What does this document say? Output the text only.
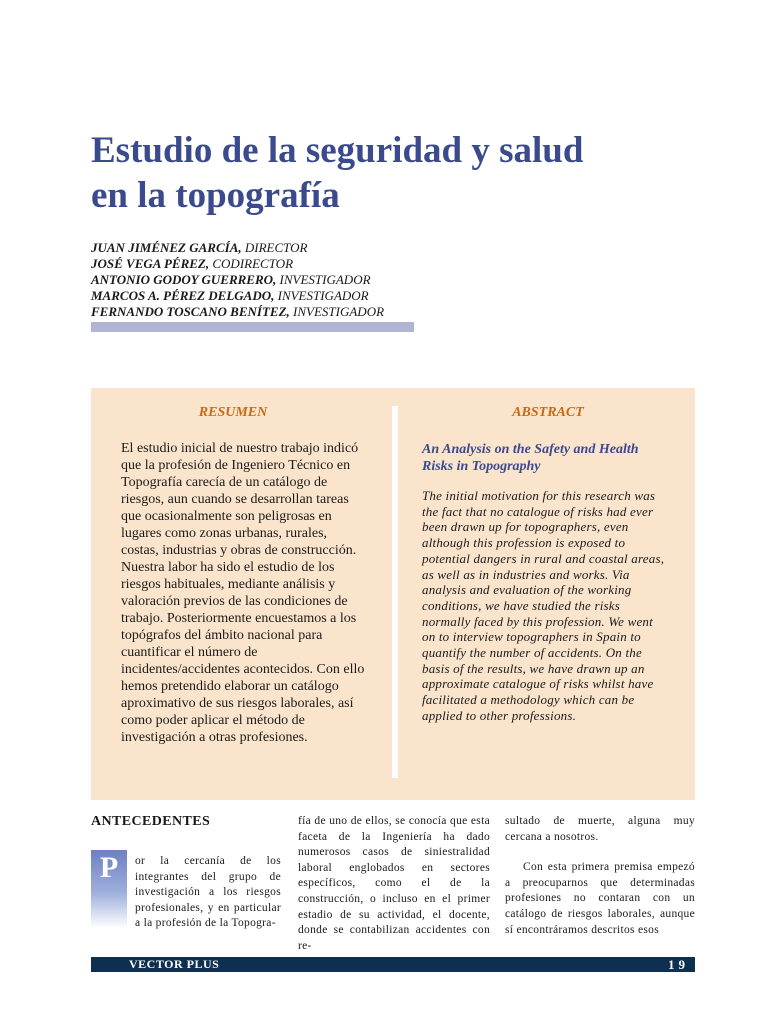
Estudio de la seguridad y salud
en la topografía
JUAN JIMÉNEZ GARCÍA, DIRECTOR
JOSÉ VEGA PÉREZ, CODIRECTOR
ANTONIO GODOY GUERRERO, INVESTIGADOR
MARCOS A. PÉREZ DELGADO, INVESTIGADOR
FERNANDO TOSCANO BENÍTEZ, INVESTIGADOR
RESUMEN
El estudio inicial de nuestro trabajo indicó que la profesión de Ingeniero Técnico en Topografía carecía de un catálogo de riesgos, aun cuando se desarrollan tareas que ocasionalmente son peligrosas en lugares como zonas urbanas, rurales, costas, industrias y obras de construcción. Nuestra labor ha sido el estudio de los riesgos habituales, mediante análisis y valoración previos de las condiciones de trabajo. Posteriormente encuestamos a los topógrafos del ámbito nacional para cuantificar el número de incidentes/accidentes acontecidos. Con ello hemos pretendido elaborar un catálogo aproximativo de sus riesgos laborales, así como poder aplicar el método de investigación a otras profesiones.
ABSTRACT
An Analysis on the Safety and Health Risks in Topography
The initial motivation for this research was the fact that no catalogue of risks had ever been drawn up for topographers, even although this profession is exposed to potential dangers in rural and coastal areas, as well as in industries and works. Via analysis and evaluation of the working conditions, we have studied the risks normally faced by this profession. We went on to interview topographers in Spain to quantify the number of accidents. On the basis of the results, we have drawn up an approximate catalogue of risks whilst have facilitated a methodology which can be applied to other professions.
ANTECEDENTES
P	or la cercanía de los integrantes del grupo de investigación a los riesgos profesionales, y en particular a la profesión de la Topogra-
fía de uno de ellos, se conocía que esta faceta de la Ingeniería ha dado numerosos casos de siniestralidad laboral englobados en sectores específicos, como el de la construcción, o incluso en el primer estadio de su actividad, el docente, donde se contabilizan accidentes con re-
sultado de muerte, alguna muy cercana a nosotros.
Con esta primera premisa empezó a preocuparnos que determinadas profesiones no contaran con un catálogo de riesgos laborales, aunque sí encontráramos descritos esos
VECTOR PLUS	19
